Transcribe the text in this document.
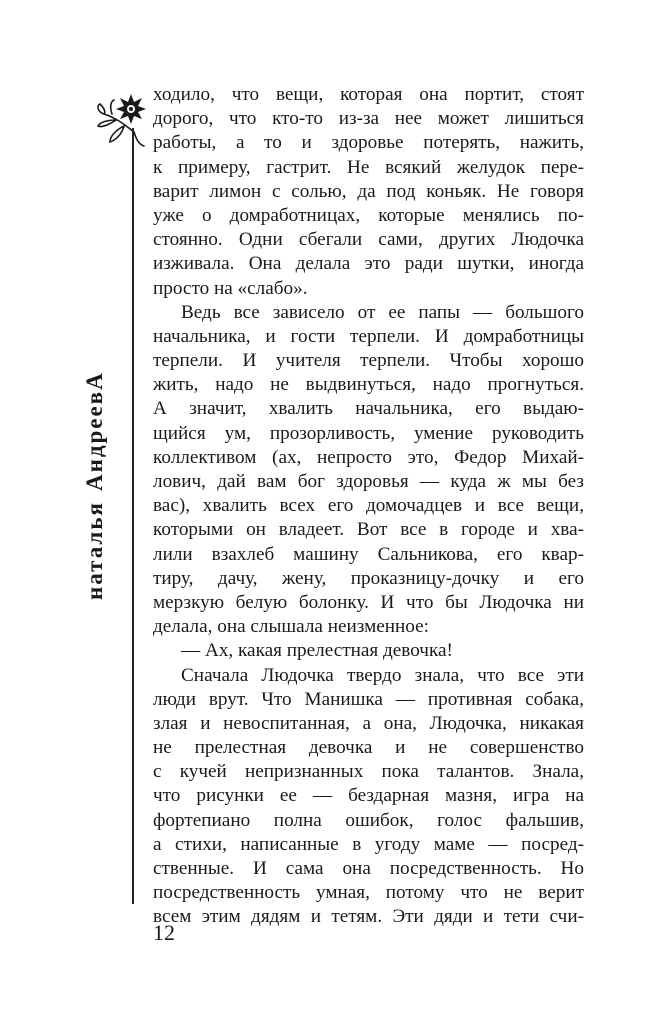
натальяАндреевА
ходило, что вещи, которая она портит, стоят
дорого, что кто-то из-за нее может лишиться
работы, а то и здоровье потерять, нажить,
к примеру, гастрит. Не всякий желудок пере-
варит лимон с солью, да под коньяк. Не говоря
уже о домработницах, которые менялись по-
стоянно. Одни сбегали сами, других Людочка
изживала. Она делала это ради шутки, иногда
просто на «слабо».
Ведь все зависело от ее папы — большого
начальника, и гости терпели. И домработницы
терпели. И учителя терпели. Чтобы хорошо
жить, надо не выдвинуться, надо прогнуться.
А значит, хвалить начальника, его выдаю-
щийся ум, прозорливость, умение руководить
коллективом (ах, непросто это, Федор Михай-
лович, дай вам бог здоровья — куда ж мы без
вас), хвалить всех его домочадцев и все вещи,
которыми он владеет. Вот все в городе и хва-
лили взахлеб машину Сальникова, его квар-
тиру, дачу, жену, проказницу-дочку и его
мерзкую белую болонку. И что бы Людочка ни
делала, она слышала неизменное:
— Ах, какая прелестная девочка!
Сначала Людочка твердо знала, что все эти
люди врут. Что Манишка — противная собака,
злая и невоспитанная, а она, Людочка, никакая
не прелестная девочка и не совершенство
с кучей непризнанных пока талантов. Знала,
что рисунки ее — бездарная мазня, игра на
фортепиано полна ошибок, голос фальшив,
а стихи, написанные в угоду маме — посред-
ственные. И сама она посредственность. Но
посредственность умная, потому что не верит
всем этим дядям и тетям. Эти дяди и тети счи-
12
